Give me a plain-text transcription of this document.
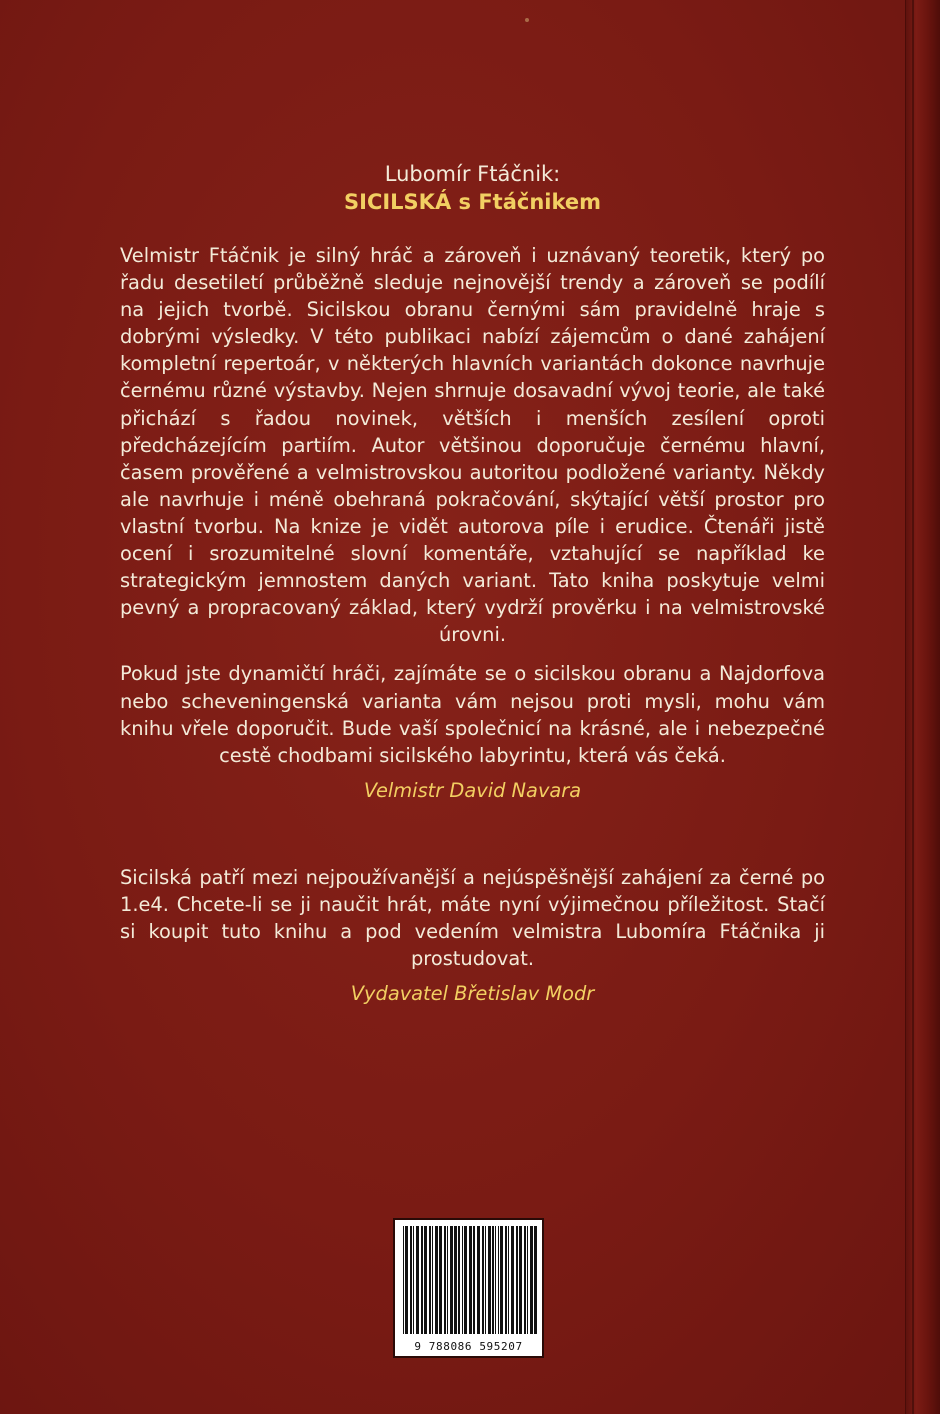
Lubomír Ftáčnik:
SICILSKÁ s Ftáčnikem

Velmistr Ftáčnik je silný hráč a zároveň i uznávaný teoretik, který po řadu desetiletí průběžně sleduje nejnovější trendy a zároveň se podílí na jejich tvorbě. Sicilskou obranu černými sám pravidelně hraje s dobrými výsledky. V této publikaci nabízí zájemcům o dané zahájení kompletní repertoár, v některých hlavních variantách dokonce navrhuje černému různé výstavby. Nejen shrnuje dosavadní vývoj teorie, ale také přichází s řadou novinek, větších i menších zesílení oproti předcházejícím partiím. Autor většinou doporučuje černému hlavní, časem prověřené a velmistrovskou autoritou podložené varianty. Někdy ale navrhuje i méně obehraná pokračování, skýtající větší prostor pro vlastní tvorbu. Na knize je vidět autorova píle i erudice. Čtenáři jistě ocení i srozumitelné slovní komentáře, vztahující se například ke strategickým jemnostem daných variant. Tato kniha poskytuje velmi pevný a propracovaný základ, který vydrží prověrku i na velmistrovské úrovni.

Pokud jste dynamičtí hráči, zajímáte se o sicilskou obranu a Najdorfova nebo scheveningenská varianta vám nejsou proti mysli, mohu vám knihu vřele doporučit. Bude vaší společnicí na krásné, ale i nebezpečné cestě chodbami sicilského labyrintu, která vás čeká.

Velmistr David Navara

Sicilská patří mezi nejpoužívanější a nejúspěšnější zahájení za černé po 1.e4. Chcete-li se ji naučit hrát, máte nyní výjimečnou příležitost. Stačí si koupit tuto knihu a pod vedením velmistra Lubomíra Ftáčnika ji prostudovat.

Vydavatel Břetislav Modr
9 788086 595207
